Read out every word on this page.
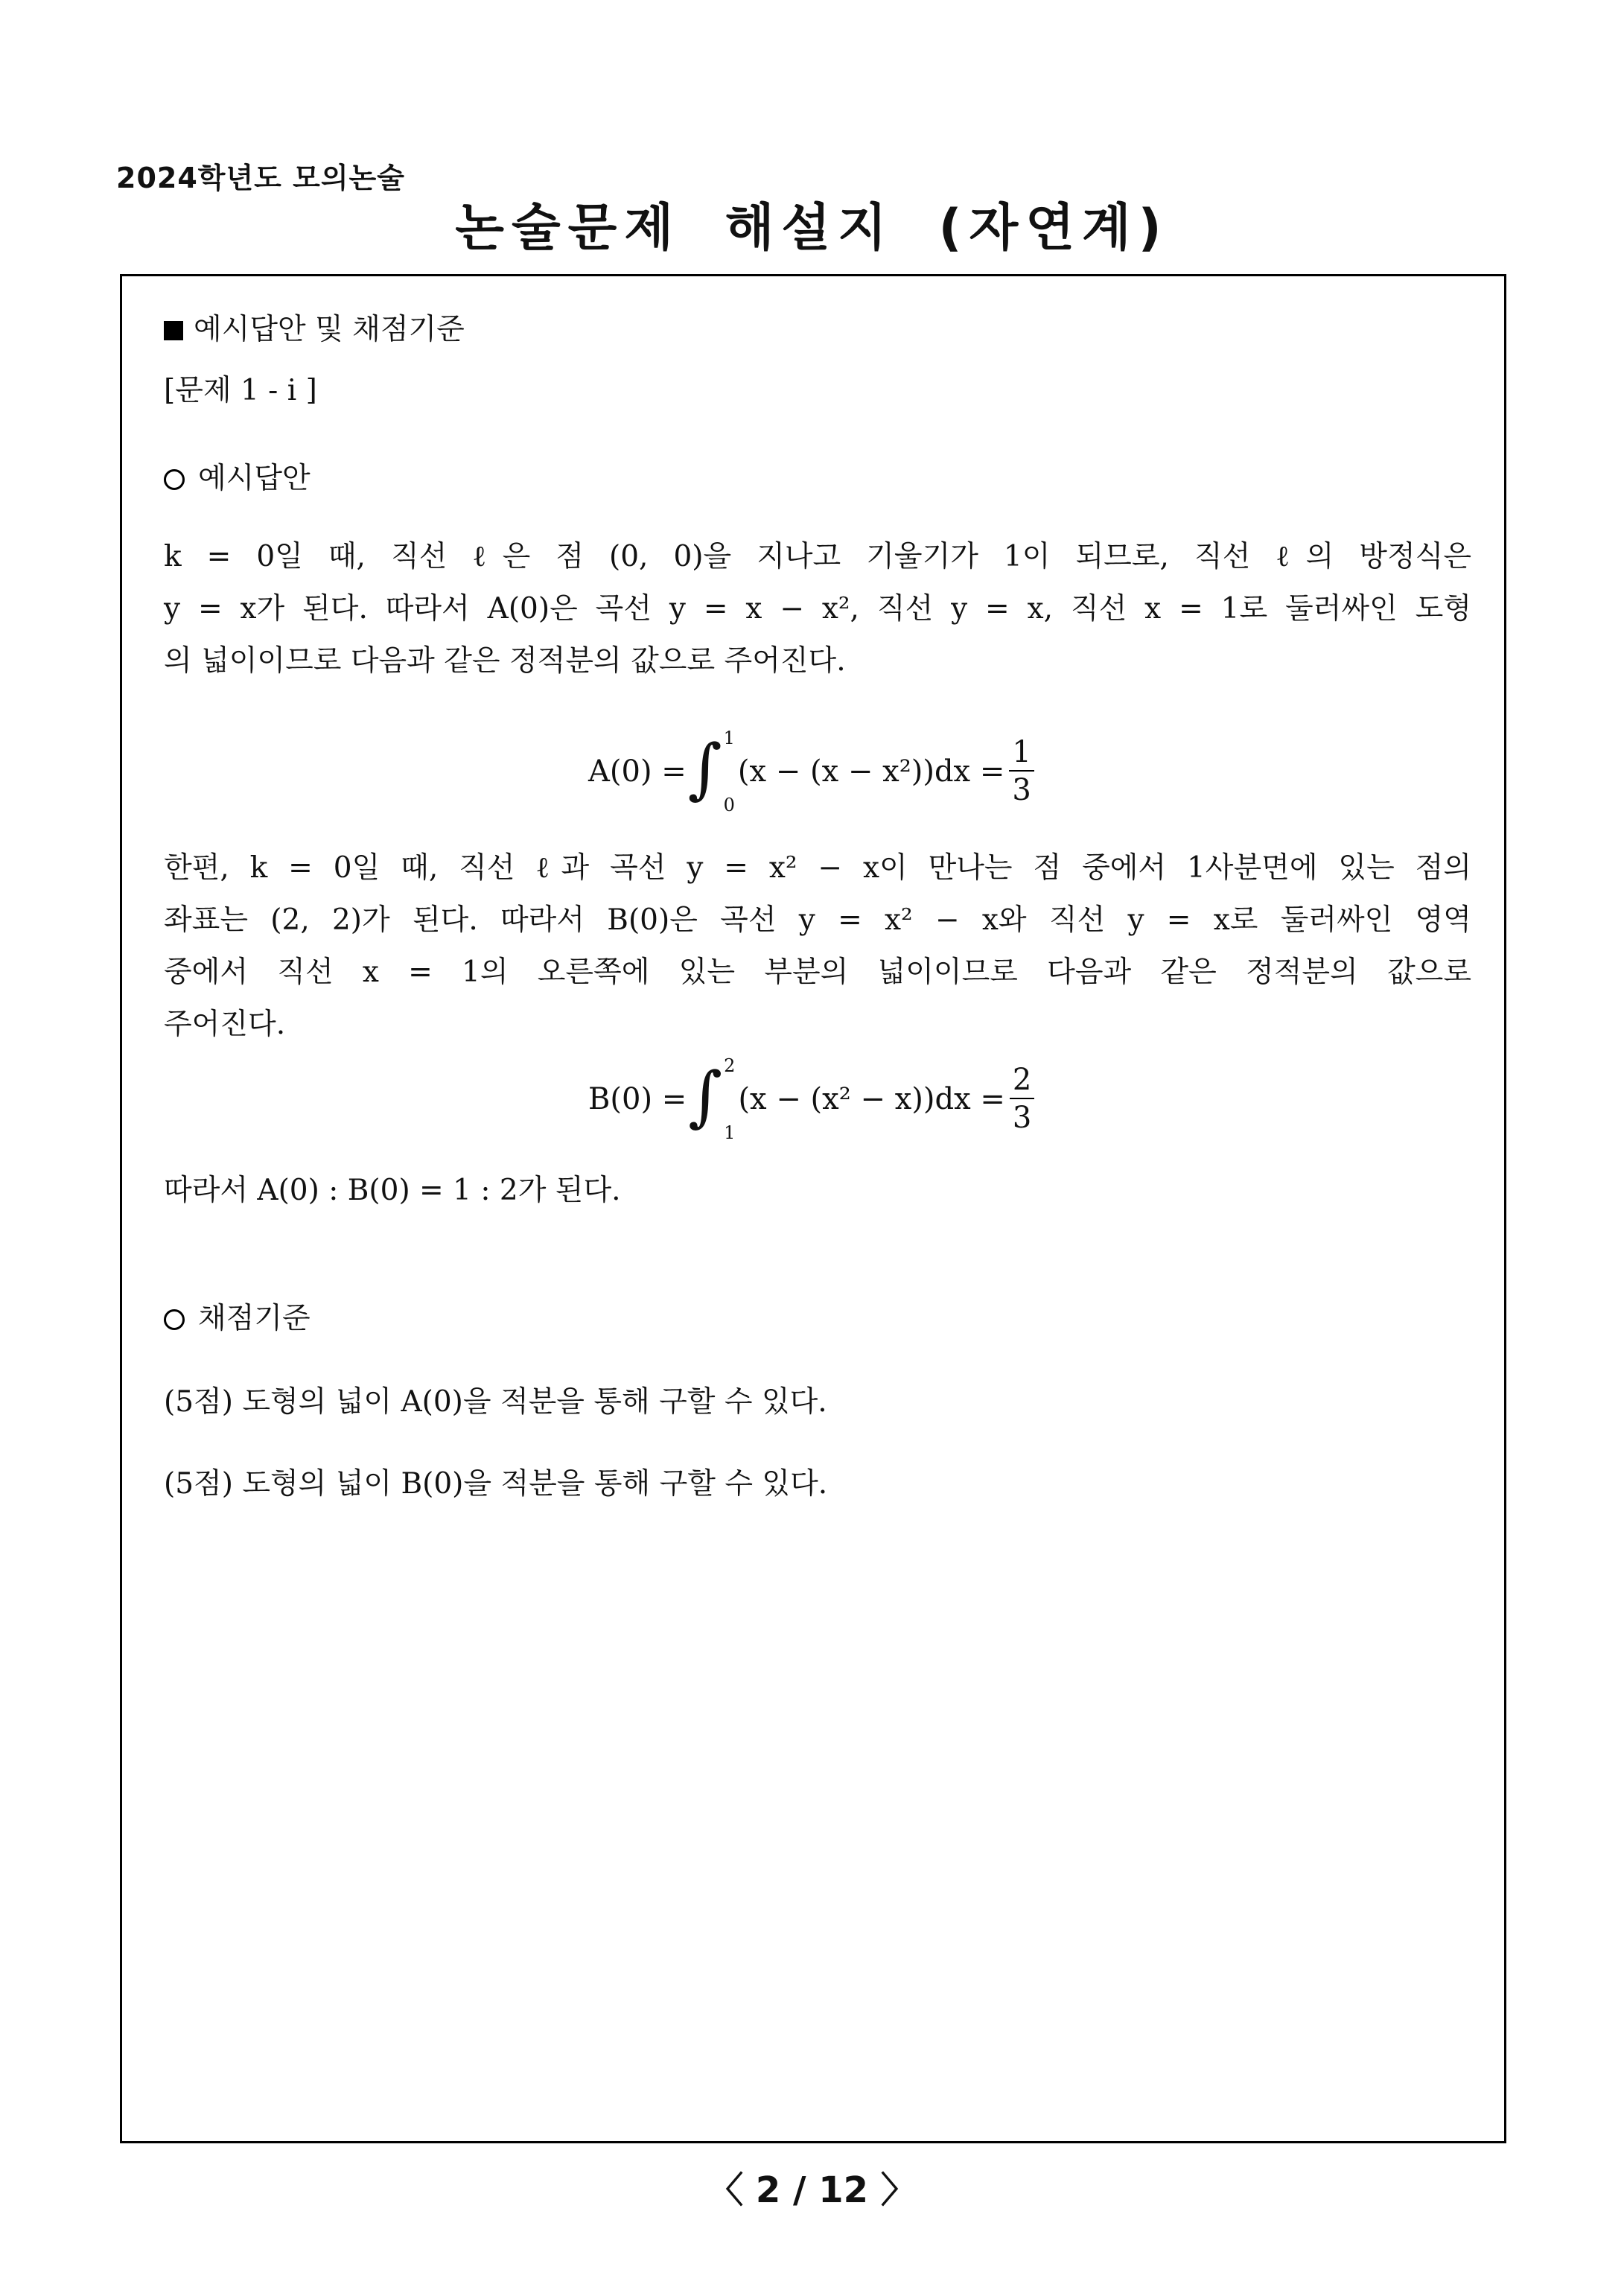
2024학년도 모의논술
논술문제 해설지 (자연계)
예시답안 및 채점기준
[문제 1 - i ]
예시답안
k = 0일 때, 직선 ℓ은 점 (0, 0)을 지나고 기울기가 1이 되므로, 직선 ℓ의 방정식은
y = x가 된다. 따라서 A(0)은 곡선 y = x − x², 직선 y = x, 직선 x = 1로 둘러싸인 도형
의 넓이이므로 다음과 같은 정적분의 값으로 주어진다.
A(0) = ∫ 1
0
$(x - (x - x^2))dx = \frac{1}{3}$
한편, k = 0일 때, 직선 ℓ과 곡선 y = x² − x이 만나는 점 중에서 1사분면에 있는 점의
좌표는 (2, 2)가 된다. 따라서 B(0)은 곡선 y = x² − x와 직선 y = x로 둘러싸인 영역
중에서 직선 x = 1의 오른쪽에 있는 부분의 넓이이므로 다음과 같은 정적분의 값으로
주어진다.
B(0) = ∫ 2
1
$(x - (x^2 - x))dx = \frac{2}{3}$
따라서 A(0) : B(0) = 1 : 2가 된다.
채점기준
(5점) 도형의 넓이 A(0)을 적분을 통해 구할 수 있다.
(5점) 도형의 넓이 B(0)을 적분을 통해 구할 수 있다.
〈 2 / 12 〉
